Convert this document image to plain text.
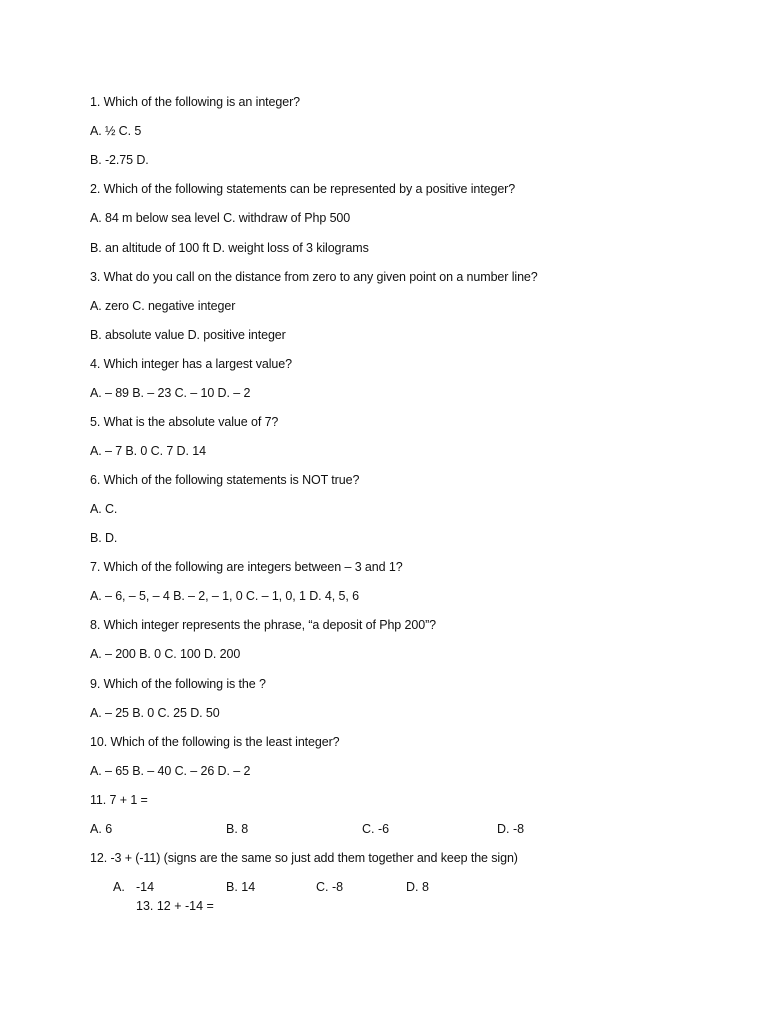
1. Which of the following is an integer?
A. ½ C. 5
B. -2.75 D.
2. Which of the following statements can be represented by a positive integer?
A. 84 m below sea level C. withdraw of Php 500
B. an altitude of 100 ft D. weight loss of 3 kilograms
3. What do you call on the distance from zero to any given point on a number line?
A. zero C. negative integer
B. absolute value D. positive integer
4. Which integer has a largest value?
A. – 89 B. – 23 C. – 10 D. – 2
5. What is the absolute value of 7?
A. – 7 B. 0 C. 7 D. 14
6. Which of the following statements is NOT true?
A. C.
B. D.
7. Which of the following are integers between – 3 and 1?
A. – 6, – 5, – 4 B. – 2, – 1, 0 C. – 1, 0, 1 D. 4, 5, 6
8. Which integer represents the phrase, “a deposit of Php 200”?
A. – 200 B. 0 C. 100 D. 200
9. Which of the following is the ?
A. – 25 B. 0 C. 25 D. 50
10. Which of the following is the least integer?
A. – 65 B. – 40 C. – 26 D. – 2
11. 7 + 1 =
A. 6	B. 8	C. -6	D. -8
12. -3 + (-11) (signs are the same so just add them together and keep the sign)
A. -14	B. 14	C. -8	D. 8
13. 12 + -14 =
